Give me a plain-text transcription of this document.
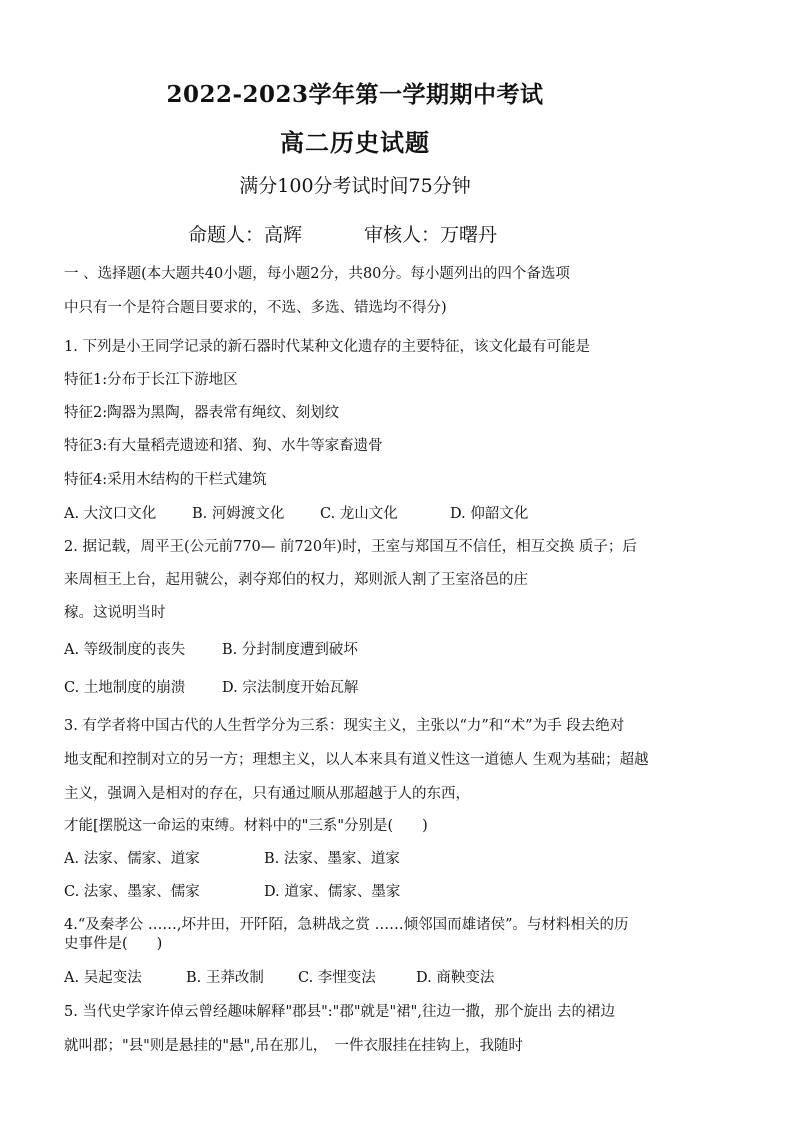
2022-2023学年第一学期期中考试
高二历史试题
满分100分考试时间75分钟
命题人：高辉	审核人：万曙丹
一 、选择题(本大题共40小题，每小题2分，共80分。每小题列出的四个备选项
中只有一个是符合题目要求的，不选、多选、错选均不得分)
1. 下列是小王同学记录的新石器时代某种文化遗存的主要特征，该文化最有可能是
特征1:分布于长江下游地区
特征2:陶器为黑陶，器表常有绳纹、刻划纹
特征3:有大量稻壳遗迹和猪、狗、水牛等家畜遗骨
特征4:采用木结构的干栏式建筑
A. 大汶口文化 B. 河姆渡文化 C. 龙山文化	D. 仰韶文化
2. 据记载，周平王(公元前770— 前720年)时，王室与郑国互不信任，相互交换 质子；后
来周桓王上台，起用虢公，剥夺郑伯的权力，郑则派人割了王室洛邑的庄
稼。这说明当时
A. 等级制度的丧失	B. 分封制度遭到破坏
C. 土地制度的崩溃	D. 宗法制度开始瓦解
3. 有学者将中国古代的人生哲学分为三系：现实主义，主张以“力”和“术”为手 段去绝对
地支配和控制对立的另一方；理想主义，以人本来具有道义性这一道德人 生观为基础；超越
主义，强调入是相对的存在，只有通过顺从那超越于人的东西，
才能[摆脱这一命运的束缚。材料中的"三系"分别是(　　)
A. 法家、儒家、道家	B. 法家、墨家、道家
C. 法家、墨家、儒家	D. 道家、儒家、墨家
4.“及秦孝公 ……,坏井田，开阡陌，急耕战之赏 ……倾邻国而雄诸侯”。与材料相关的历
史事件是(　　)
A. 吴起变法	B. 王莽改制 C. 李悝变法	D. 商鞅变法
5. 当代史学家许倬云曾经趣味解释"郡县":"郡"就是"裙",往边一撒，那个旋出 去的裙边
就叫郡；"县"则是悬挂的"悬",吊在那儿，　一件衣服挂在挂钩上，我随时
